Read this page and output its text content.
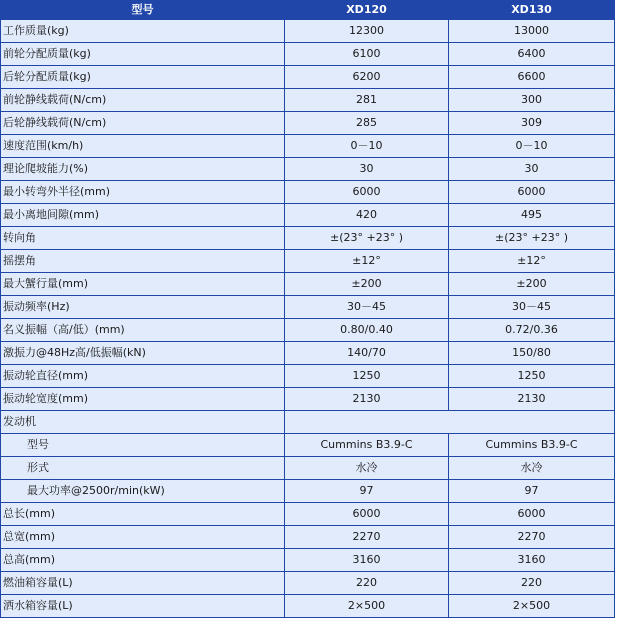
型号	XD120	XD130
工作质量(kg)	12300	13000
前轮分配质量(kg)	6100	6400
后轮分配质量(kg)	6200	6600
前轮静线载荷(N/cm)	281	300
后轮静线载荷(N/cm)	285	309
速度范围(km/h)	0－10	0－10
理论爬坡能力(%)	30	30
最小转弯外半径(mm)	6000	6000
最小离地间隙(mm)	420	495
转向角	±(23° +23° )	±(23° +23° )
摇摆角	±12°	±12°
最大蟹行量(mm)	±200	±200
振动频率(Hz)	30－45	30－45
名义振幅（高/低）(mm)	0.80/0.40	0.72/0.36
激振力@48Hz高/低振幅(kN)	140/70	150/80
振动轮直径(mm)	1250	1250
振动轮宽度(mm)	2130	2130
发动机		
型号	Cummins B3.9-C	Cummins B3.9-C
形式	水冷	水冷
最大功率@2500r/min(kW)	97	97
总长(mm)	6000	6000
总宽(mm)	2270	2270
总高(mm)	3160	3160
燃油箱容量(L)	220	220
洒水箱容量(L)	2×500	2×500
